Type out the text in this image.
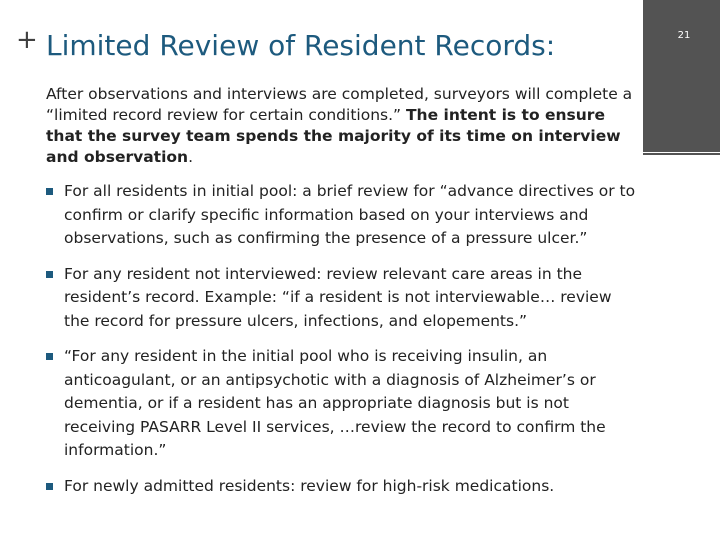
+ Limited Review of Resident Records:	21
After observations and interviews are completed, surveyors will complete a “limited record review for certain conditions.” The intent is to ensure that the survey team spends the majority of its time on interview and observation.
For all residents in initial pool: a brief review for “advance directives or to confirm or clarify specific information based on your interviews and observations, such as confirming the presence of a pressure ulcer.”
For any resident not interviewed: review relevant care areas in the resident’s record. Example: “if a resident is not interviewable… review the record for pressure ulcers, infections, and elopements.”
“For any resident in the initial pool who is receiving insulin, an anticoagulant, or an antipsychotic with a diagnosis of Alzheimer’s or dementia, or if a resident has an appropriate diagnosis but is not receiving PASARR Level II services, …review the record to confirm the information.”
For newly admitted residents: review for high-risk medications.
